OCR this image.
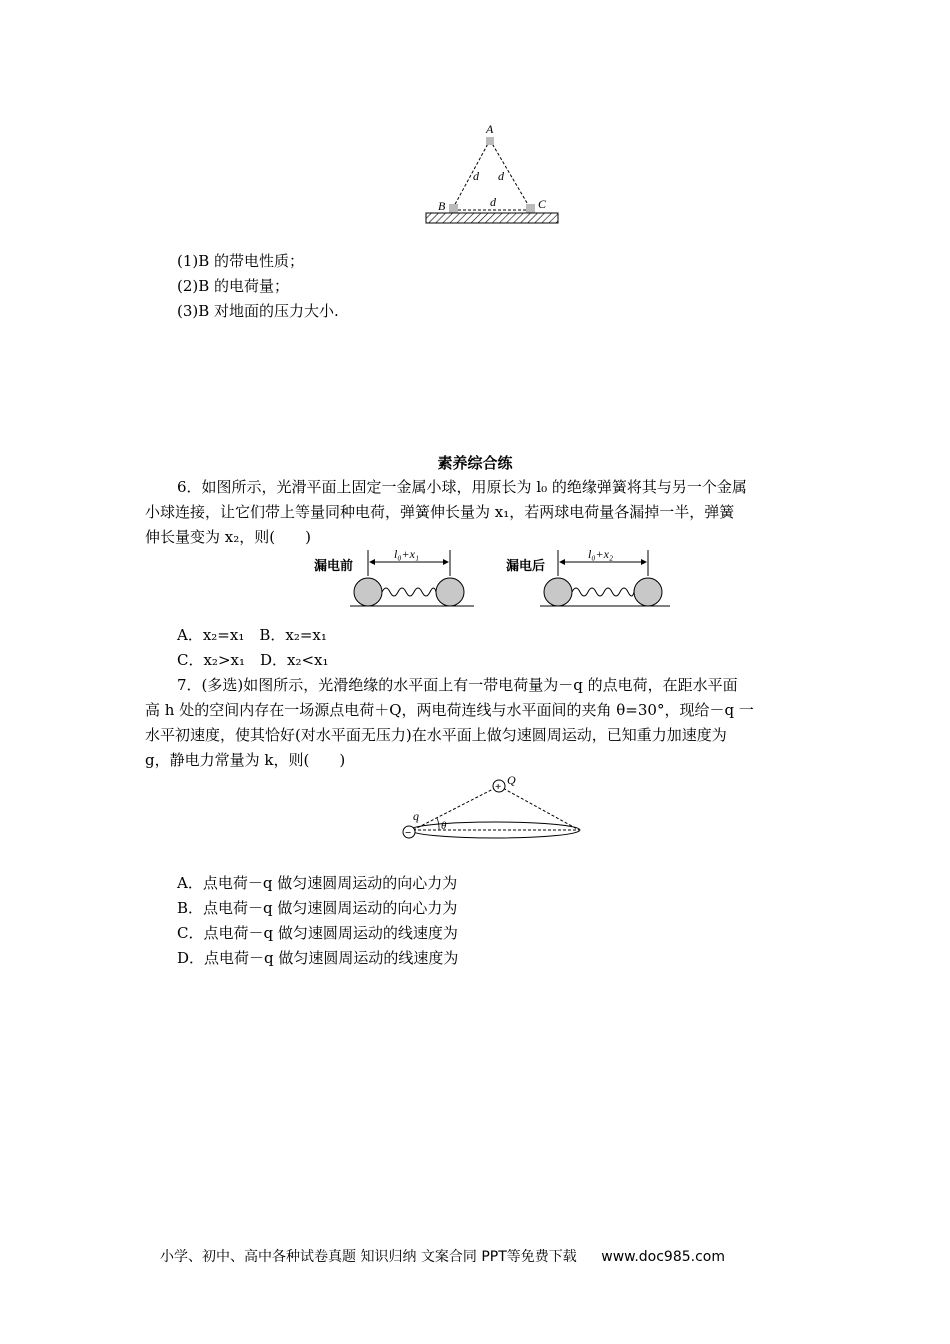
A
B	C
d d
d
(1)B 的带电性质；
(2)B 的电荷量；
(3)B 对地面的压力大小.
素养综合练
6．如图所示，光滑平面上固定一金属小球，用原长为 l₀ 的绝缘弹簧将其与另一个金属
小球连接，让它们带上等量同种电荷，弹簧伸长量为 x₁，若两球电荷量各漏掉一半，弹簧
伸长量变为 x₂，则(　　)
漏电前
l₀+x₁
漏电后
l₀+x₂
A．x₂=x₁　B．x₂=x₁
C．x₂>x₁　D．x₂<x₁
7．(多选)如图所示，光滑绝缘的水平面上有一带电荷量为－q 的点电荷，在距水平面
高 h 处的空间内存在一场源点电荷＋Q，两电荷连线与水平面间的夹角 θ=30°，现给－q 一
水平初速度，使其恰好(对水平面无压力)在水平面上做匀速圆周运动，已知重力加速度为
g，静电力常量为 k，则(　　)
+
−
Q
q
θ
A．点电荷－q 做匀速圆周运动的向心力为
B．点电荷－q 做匀速圆周运动的向心力为
C．点电荷－q 做匀速圆周运动的线速度为
D．点电荷－q 做匀速圆周运动的线速度为
小学、初中、高中各种试卷真题 知识归纳 文案合同 PPT等免费下载 www.doc985.com
